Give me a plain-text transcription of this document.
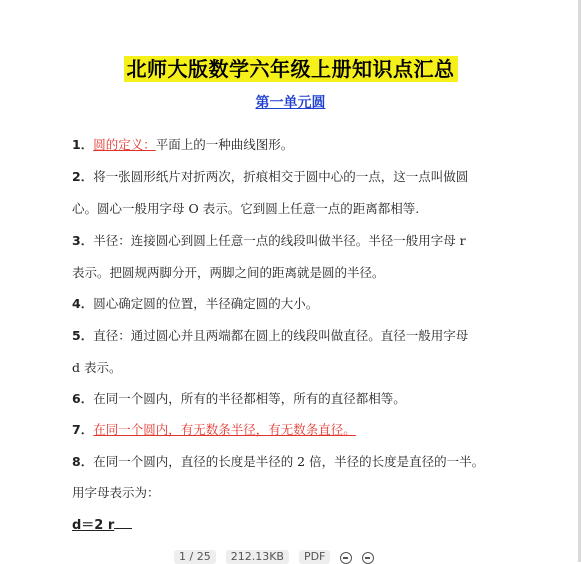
北师大版数学六年级上册知识点汇总
第一单元圆
1．圆的定义：平面上的一种曲线图形。
2．将一张圆形纸片对折两次，折痕相交于圆中心的一点，这一点叫做圆
心。圆心一般用字母 O 表示。它到圆上任意一点的距离都相等.
3．半径：连接圆心到圆上任意一点的线段叫做半径。半径一般用字母 r
表示。把圆规两脚分开，两脚之间的距离就是圆的半径。
4．圆心确定圆的位置，半径确定圆的大小。
5．直径：通过圆心并且两端都在圆上的线段叫做直径。直径一般用字母
d 表示。
6．在同一个圆内，所有的半径都相等，所有的直径都相等。
7．在同一个圆内，有无数条半径，有无数条直径。
8．在同一个圆内，直径的长度是半径的 2 倍，半径的长度是直径的一半。
用字母表示为：
d＝2 r
1 / 25	212.13KB	PDF
